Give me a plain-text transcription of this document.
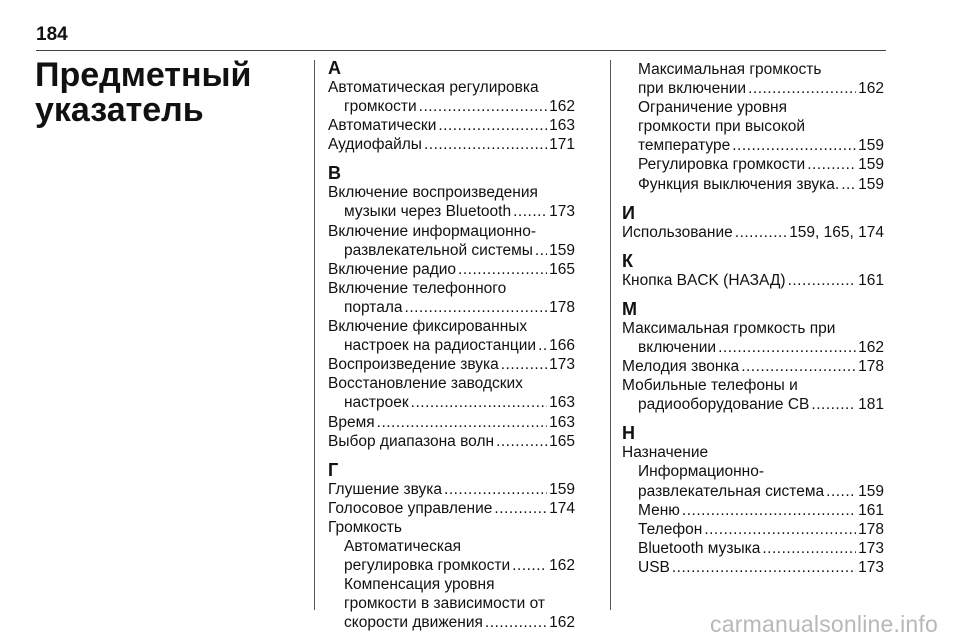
184
Предметный
указатель
А
Автоматическая регулировка
громкости .....	162
Автоматически .....	163
Аудиофайлы .....	171
В
Включение воспроизведения
музыки через Bluetooth ..... 173
Включение информационно-
развлекательной системы ..... 159
Включение радио .....	165
Включение телефонного
портала .....	178
Включение фиксированных
настроек на радиостанции ..... 166
Воспроизведение звука .....	173
Восстановление заводских
настроек .....	163
Время .....	163
Выбор диапазона волн .....	165
Г
Глушение звука .....	159
Голосовое управление .....	174
Громкость
Автоматическая
регулировка громкости .....	162
Компенсация уровня
громкости в зависимости от
скорости движения .....	162
Максимальная громкость
при включении .....	162
Ограничение уровня
громкости при высокой
температуре .....	159
Регулировка громкости .....	159
Функция выключения звука. ..... 159
И
Использование .....	159, 165, 174
К
Кнопка BACK (НАЗАД) .....	161
М
Максимальная громкость при
включении .....	162
Мелодия звонка .....	178
Мобильные телефоны и
радиооборудование CB .....	181
Н
Назначение
Информационно-
развлекательная система ..... 159
Меню .....	161
Телефон .....	178
Bluetooth музыка .....	173
USB .....	173
carmanualsonline.info
